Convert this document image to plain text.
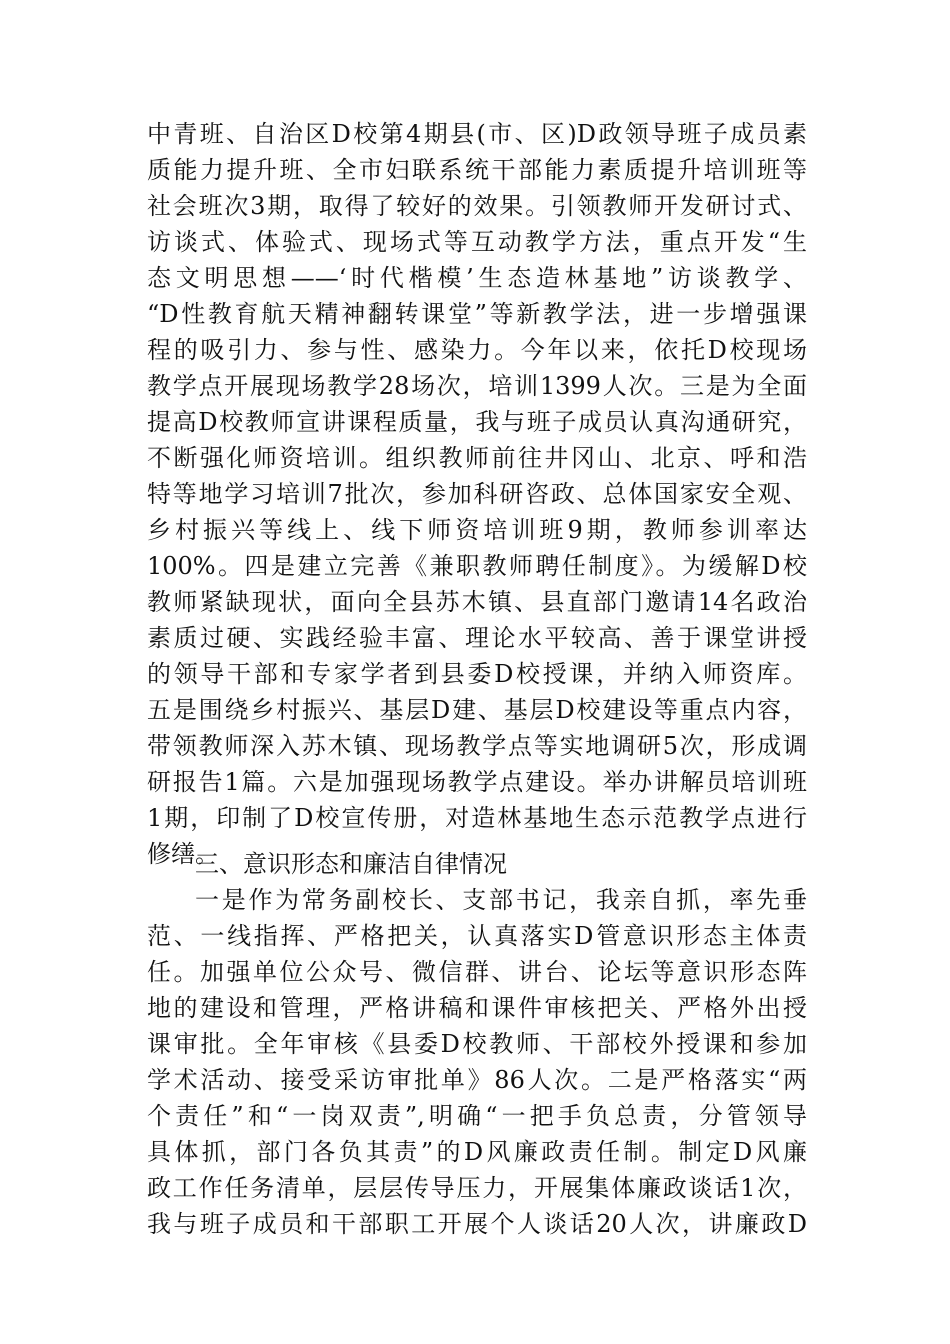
中青班、自治区D校第4期县(市、区)D政领导班子成员素
质能力提升班、全市妇联系统干部能力素质提升培训班等
社会班次3期，取得了较好的效果。引领教师开发研讨式、
访谈式、体验式、现场式等互动教学方法，重点开发“生
态文明思想——‘时代楷模’生态造林基地”访谈教学、
“D性教育航天精神翻转课堂”等新教学法，进一步增强课
程的吸引力、参与性、感染力。今年以来，依托D校现场
教学点开展现场教学28场次，培训1399人次。三是为全面
提高D校教师宣讲课程质量，我与班子成员认真沟通研究，
不断强化师资培训。组织教师前往井冈山、北京、呼和浩
特等地学习培训7批次，参加科研咨政、总体国家安全观、
乡村振兴等线上、线下师资培训班9期，教师参训率达
100%。四是建立完善《兼职教师聘任制度》。为缓解D校
教师紧缺现状，面向全县苏木镇、县直部门邀请14名政治
素质过硬、实践经验丰富、理论水平较高、善于课堂讲授
的领导干部和专家学者到县委D校授课，并纳入师资库。
五是围绕乡村振兴、基层D建、基层D校建设等重点内容，
带领教师深入苏木镇、现场教学点等实地调研5次，形成调
研报告1篇。六是加强现场教学点建设。举办讲解员培训班
1期，印制了D校宣传册，对造林基地生态示范教学点进行
修缮。
三、意识形态和廉洁自律情况
一是作为常务副校长、支部书记，我亲自抓，率先垂
范、一线指挥、严格把关，认真落实D管意识形态主体责
任。加强单位公众号、微信群、讲台、论坛等意识形态阵
地的建设和管理，严格讲稿和课件审核把关、严格外出授
课审批。全年审核《县委D校教师、干部校外授课和参加
学术活动、接受采访审批单》86人次。二是严格落实“两
个责任”和“一岗双责”,明确“一把手负总责，分管领导
具体抓，部门各负其责”的D风廉政责任制。制定D风廉
政工作任务清单，层层传导压力，开展集体廉政谈话1次，
我与班子成员和干部职工开展个人谈话20人次，讲廉政D
